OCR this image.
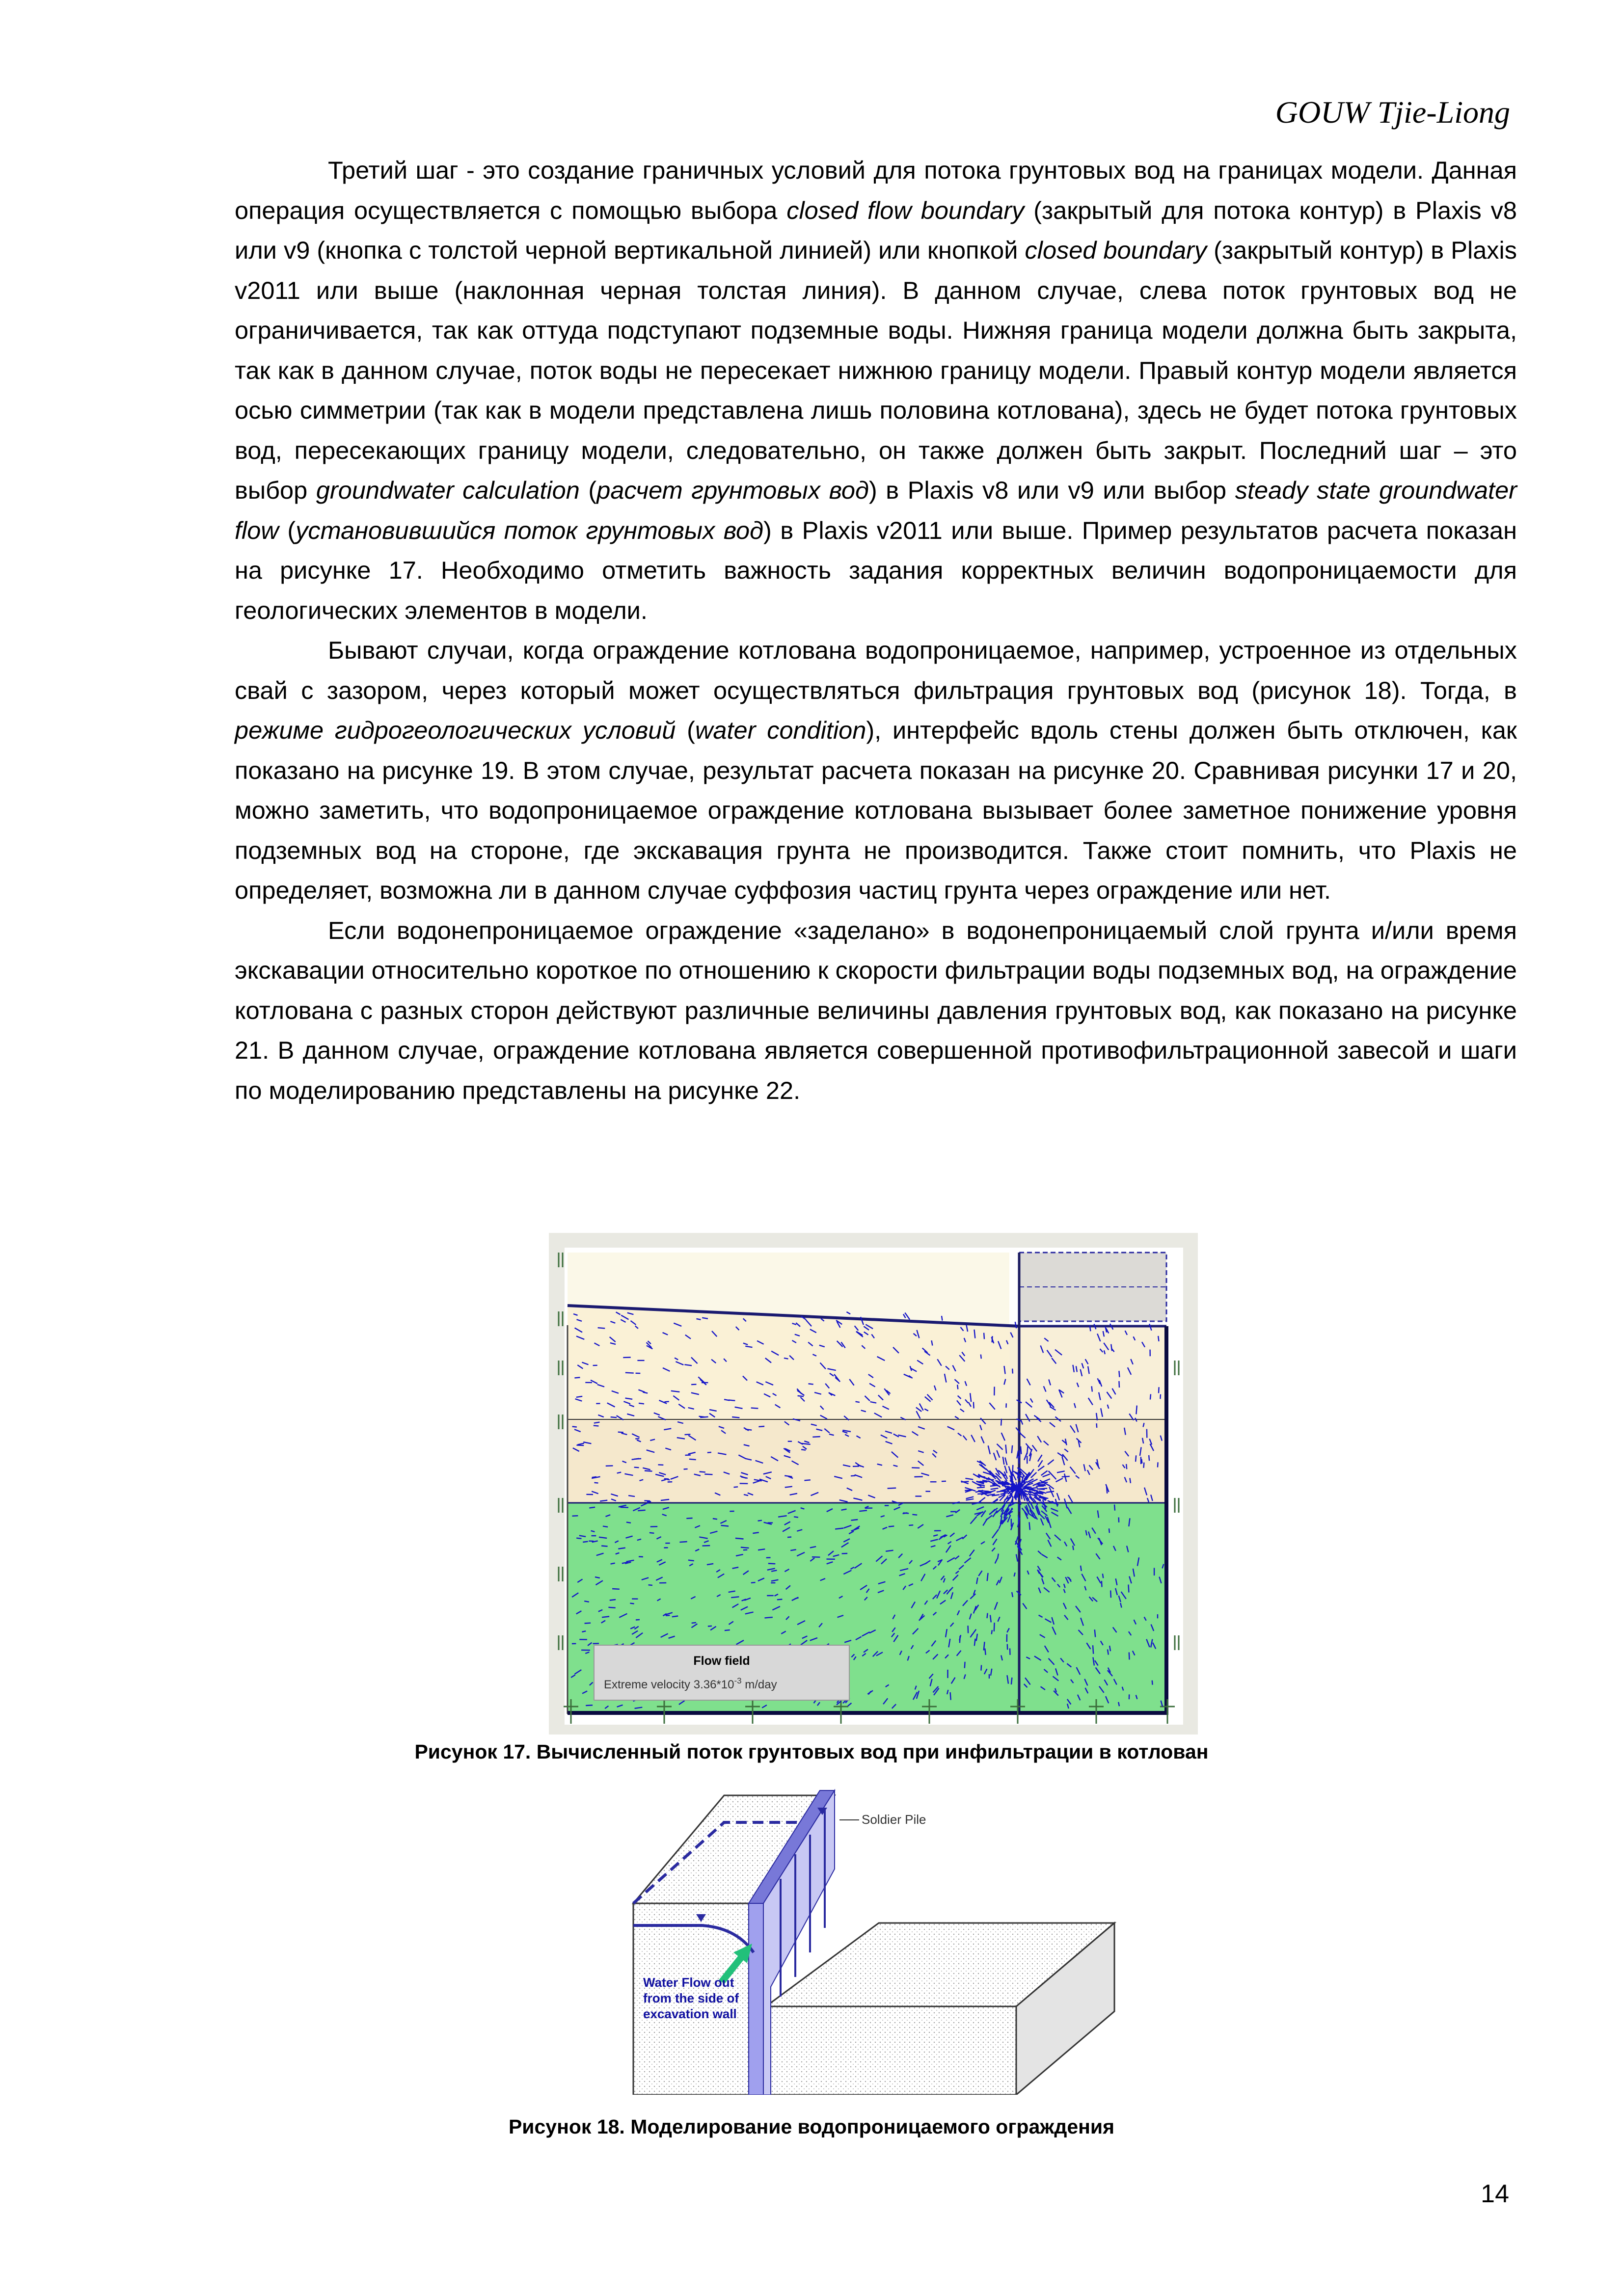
GOUW Tjie-Liong

Третий шаг - это создание граничных условий для потока грунтовых вод на границах модели. Данная операция осуществляется с помощью выбора closed flow boundary (закрытый для потока контур) в Plaxis v8 или v9 (кнопка с толстой черной вертикальной линией) или кнопкой closed boundary (закрытый контур) в Plaxis v2011 или выше (наклонная черная толстая линия). В данном случае, слева поток грунтовых вод не ограничивается, так как оттуда подступают подземные воды. Нижняя граница модели должна быть закрыта, так как в данном случае, поток воды не пересекает нижнюю границу модели. Правый контур модели является осью симметрии (так как в модели представлена лишь половина котлована), здесь не будет потока грунтовых вод, пересекающих границу модели, следовательно, он также должен быть закрыт. Последний шаг – это выбор groundwater calculation (расчет грунтовых вод) в Plaxis v8 или v9 или выбор steady state groundwater flow (установившийся поток грунтовых вод) в Plaxis v2011 или выше. Пример результатов расчета показан на рисунке 17. Необходимо отметить важность задания корректных величин водопроницаемости для геологических элементов в модели.

Бывают случаи, когда ограждение котлована водопроницаемое, например, устроенное из отдельных свай с зазором, через который может осуществляться фильтрация грунтовых вод (рисунок 18). Тогда, в режиме гидрогеологических условий (water condition), интерфейс вдоль стены должен быть отключен, как показано на рисунке 19. В этом случае, результат расчета показан на рисунке 20. Сравнивая рисунки 17 и 20, можно заметить, что водопроницаемое ограждение котлована вызывает более заметное понижение уровня подземных вод на стороне, где экскавация грунта не производится. Также стоит помнить, что Plaxis не определяет, возможна ли в данном случае суффозия частиц грунта через ограждение или нет.

Если водонепроницаемое ограждение «заделано» в водонепроницаемый слой грунта и/или время экскавации относительно короткое по отношению к скорости фильтрации воды подземных вод, на ограждение котлована с разных сторон действуют различные величины давления грунтовых вод, как показано на рисунке 21. В данном случае, ограждение котлована является совершенной противофильтрационной завесой и шаги по моделированию представлены на рисунке 22.

Flow field
Extreme velocity $3.36*10^{-3}$ m/day
Рисунок 17. Вычисленный поток грунтовых вод при инфильтрации в котлован
Soldier Pile
Water Flow out
from the side of
excavation wall
Рисунок 18. Моделирование водопроницаемого ограждения
14
